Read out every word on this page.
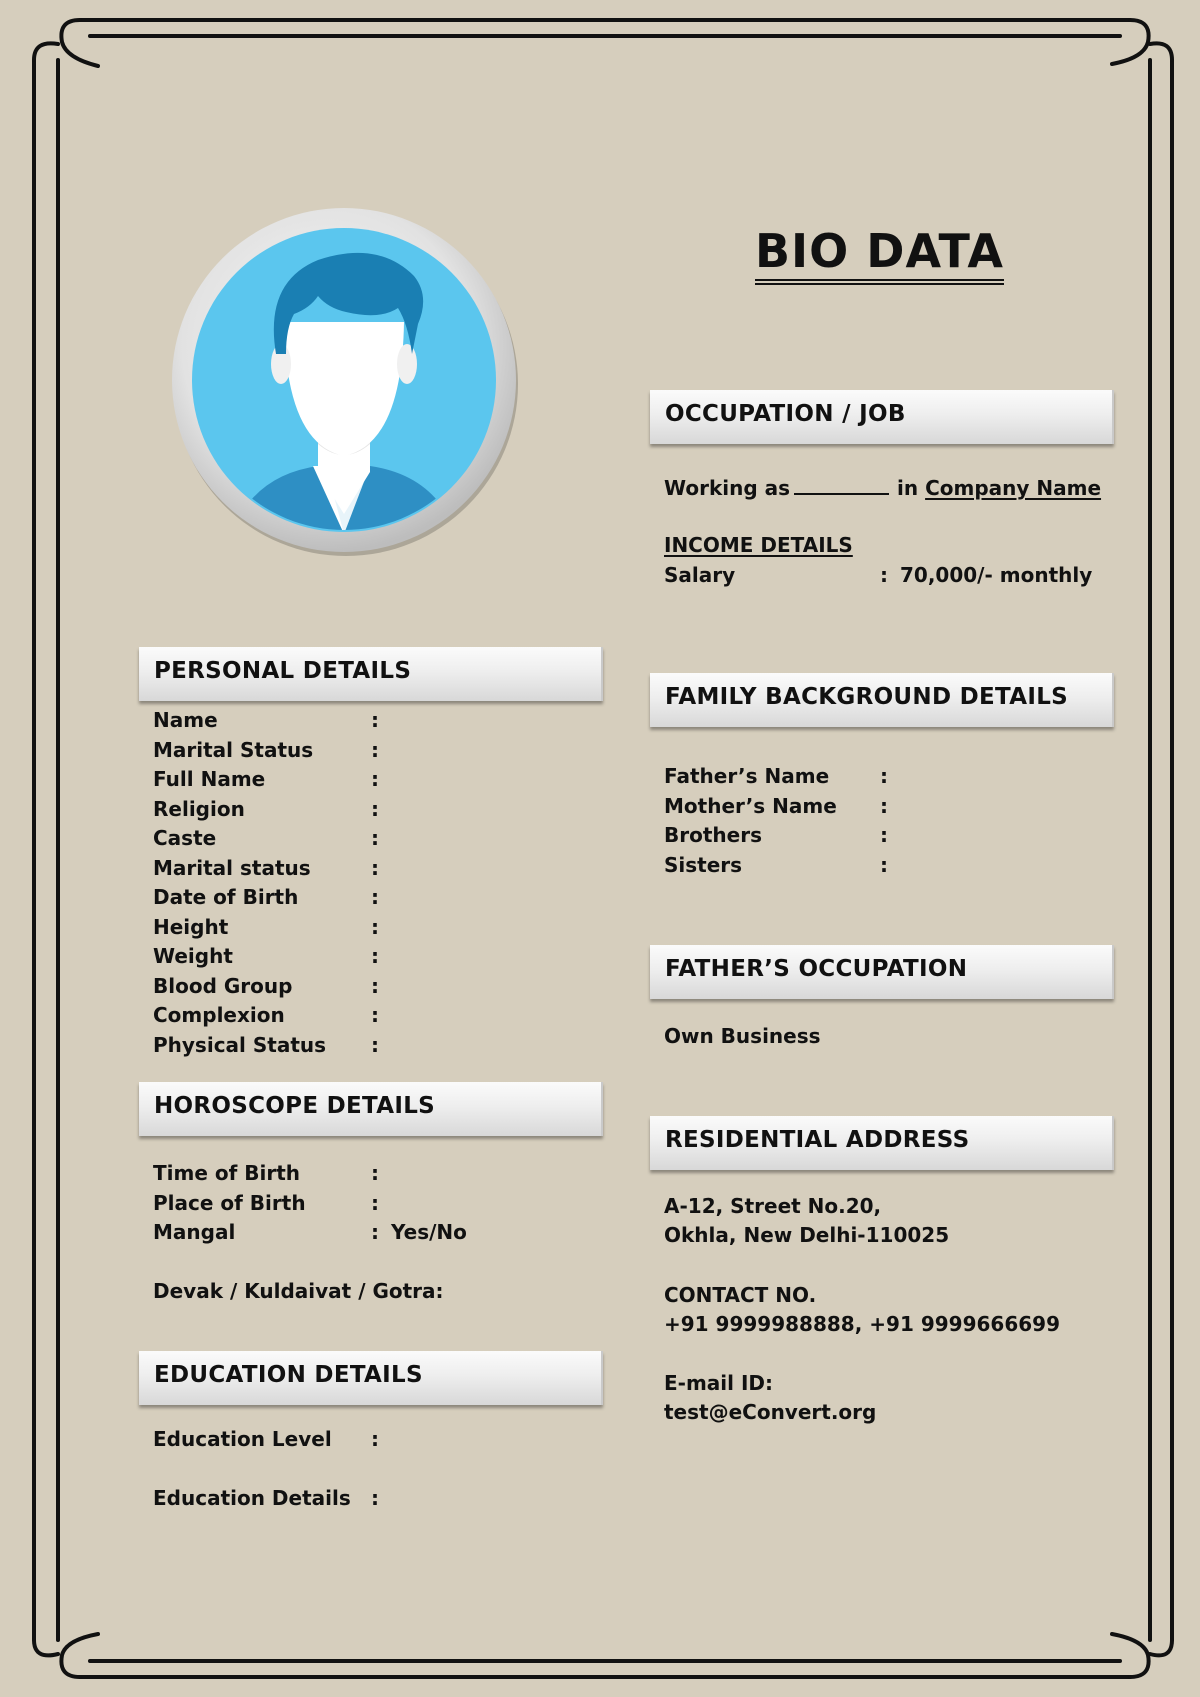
BIO DATA
OCCUPATION / JOB
Working as	in Company Name
INCOME DETAILS
Salary	: 70,000/- monthly
PERSONAL DETAILS
Name	:
Marital Status	:
Full Name	:
Religion	:
Caste	:
Marital status	:
Date of Birth	:
Height	:
Weight	:
Blood Group	:
Complexion	:
Physical Status :
FAMILY BACKGROUND DETAILS
Father’s Name	:
Mother’s Name :
Brothers	:
Sisters	:
FATHER’S OCCUPATION
Own Business
HOROSCOPE DETAILS
Time of Birth	:
Place of Birth	:
Mangal	: Yes/No
Devak / Kuldaivat / Gotra:
RESIDENTIAL ADDRESS
A-12, Street No.20,
Okhla, New Delhi-110025
CONTACT NO.
+91 9999988888, +91 9999666699
E-mail ID:
test@eConvert.org
EDUCATION DETAILS
Education Level :
Education Details :
